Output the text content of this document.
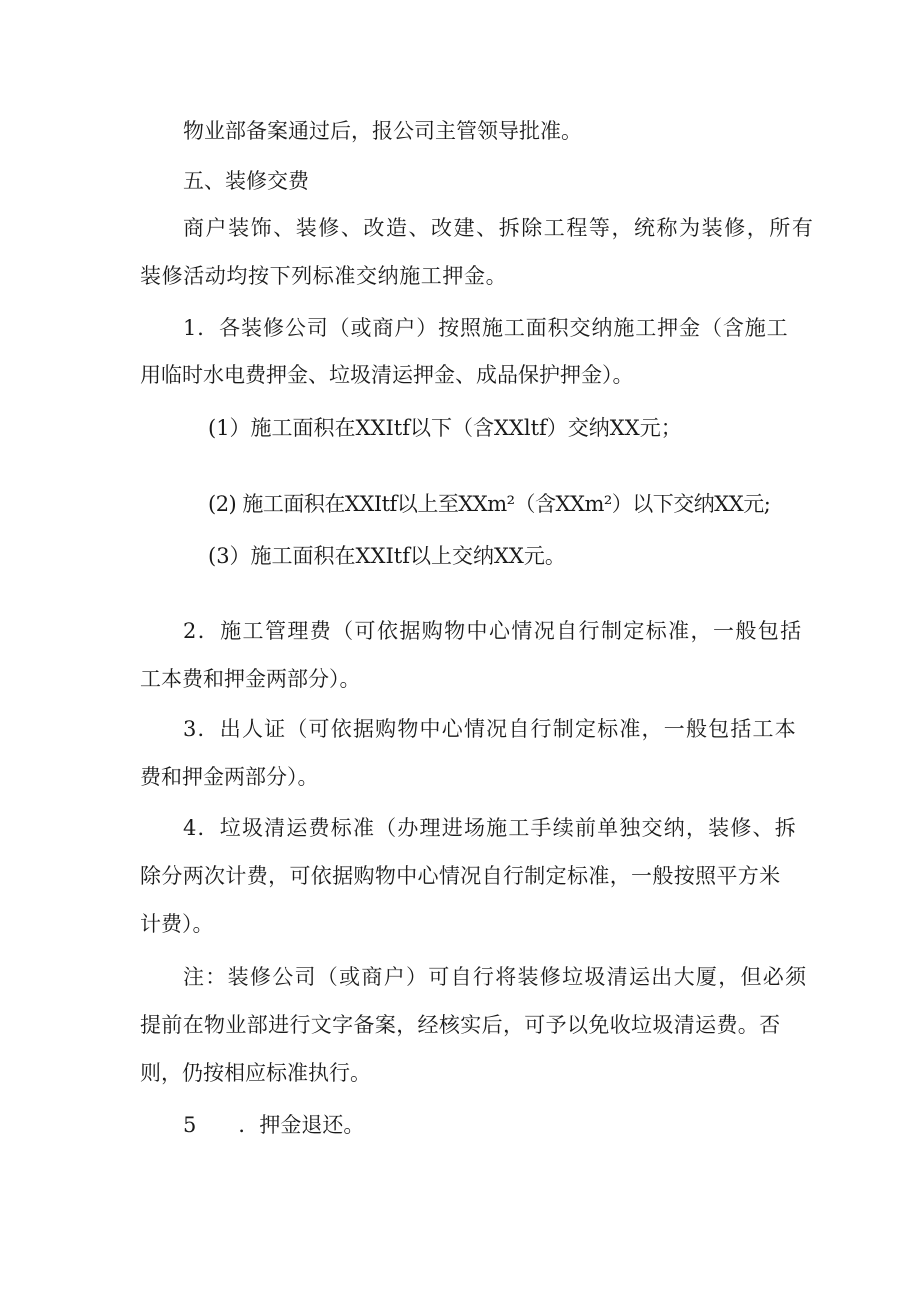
物业部备案通过后，报公司主管领导批准。

五、装修交费

商户装饰、装修、改造、改建、拆除工程等，统称为装修，所有

装修活动均按下列标准交纳施工押金。

1．各装修公司（或商户）按照施工面积交纳施工押金（含施工

用临时水电费押金、垃圾清运押金、成品保护押金）。

(1）施工面积在XXItf以下（含XXltf）交纳XX元；

(2) 施工面积在XXItf以上至XXm²（含XXm²）以下交纳XX元;

(3）施工面积在XXItf以上交纳XX元。

2．施工管理费（可依据购物中心情况自行制定标准，一般包括

工本费和押金两部分）。

3．出人证（可依据购物中心情况自行制定标准，一般包括工本

费和押金两部分）。

4．垃圾清运费标准（办理进场施工手续前单独交纳，装修、拆

除分两次计费，可依据购物中心情况自行制定标准，一般按照平方米

计费）。

注：装修公司（或商户）可自行将装修垃圾清运出大厦，但必须

提前在物业部进行文字备案，经核实后，可予以免收垃圾清运费。否

则，仍按相应标准执行。

5　　．押金退还。
